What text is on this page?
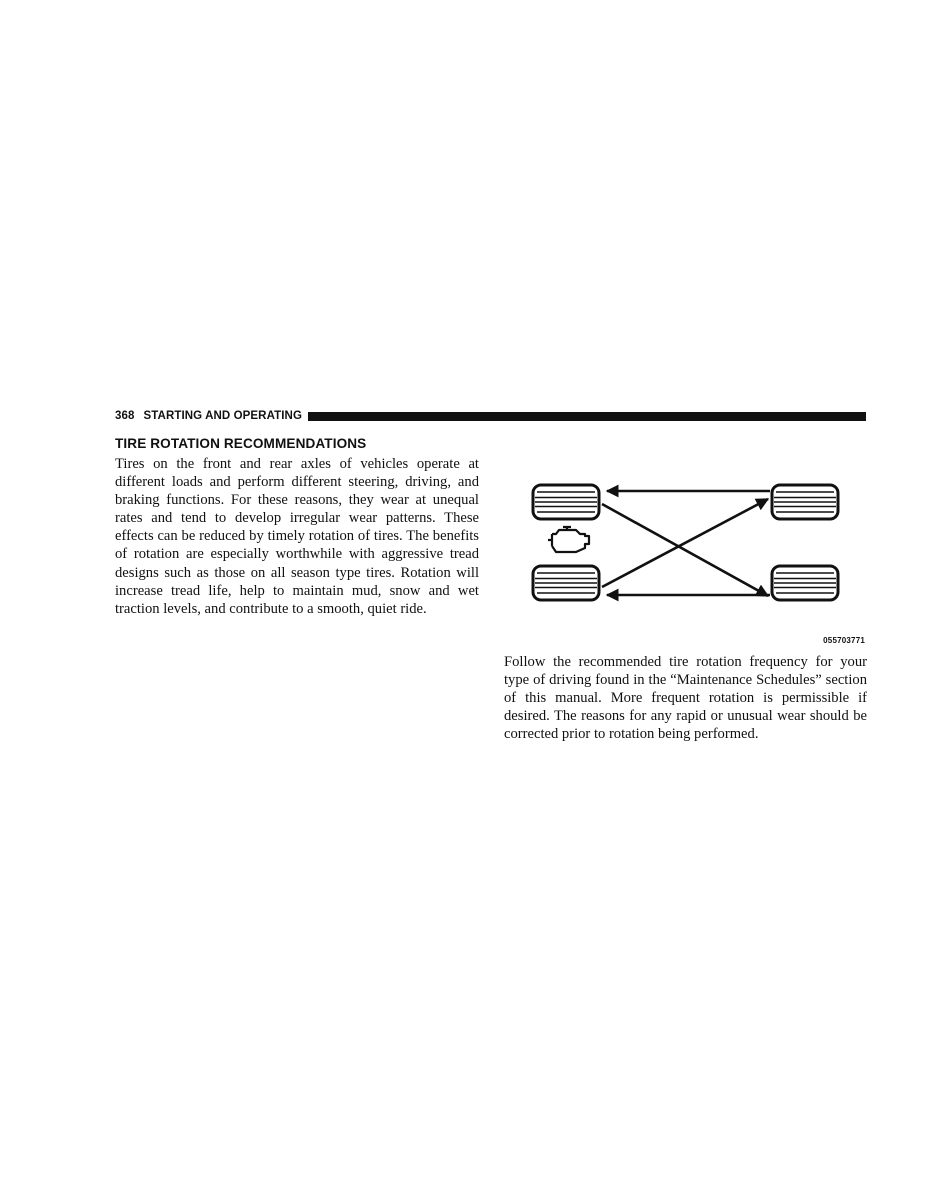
368 STARTING AND OPERATING
TIRE ROTATION RECOMMENDATIONS

Tires on the front and rear axles of vehicles operate at different loads and perform different steering, driving, and braking functions. For these reasons, they wear at unequal rates and tend to develop irregular wear patterns. These effects can be reduced by timely rotation of tires. The benefits of rotation are especially worthwhile with aggressive tread designs such as those on all season type tires. Rotation will increase tread life, help to maintain mud, snow and wet traction levels, and contribute to a smooth, quiet ride.

055703771

Follow the recommended tire rotation frequency for your type of driving found in the “Maintenance Schedules” section of this manual. More frequent rotation is permissible if desired. The reasons for any rapid or unusual wear should be corrected prior to rotation being performed.
